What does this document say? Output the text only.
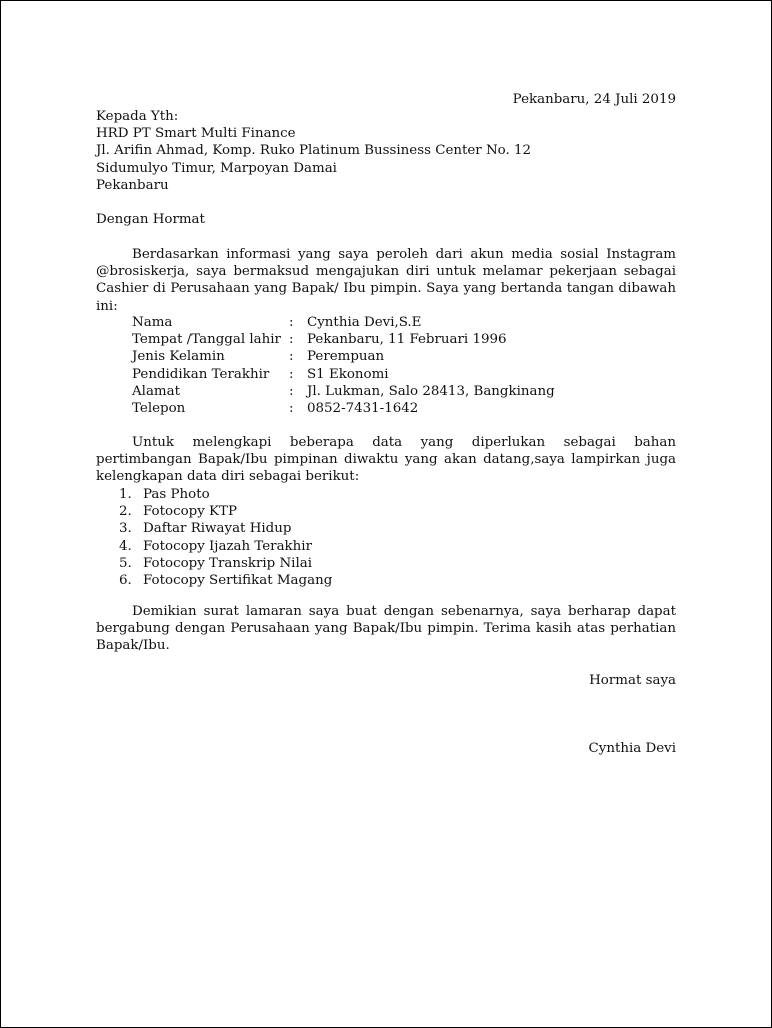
Pekanbaru, 24 Juli 2019
Kepada Yth:
HRD PT Smart Multi Finance
Jl. Arifin Ahmad, Komp. Ruko Platinum Bussiness Center No. 12
Sidumulyo Timur, Marpoyan Damai
Pekanbaru
Dengan Hormat
Berdasarkan informasi yang saya peroleh dari akun media sosial Instagram @brosiskerja, saya bermaksud mengajukan diri untuk melamar pekerjaan sebagai Cashier di Perusahaan yang Bapak/ Ibu pimpin. Saya yang bertanda tangan dibawah ini:
Nama	:	Cynthia Devi,S.E
Tempat /Tanggal lahir :	Pekanbaru, 11 Februari 1996
Jenis Kelamin	:	Perempuan
Pendidikan Terakhir	:	S1 Ekonomi
Alamat	:	Jl. Lukman, Salo 28413, Bangkinang
Telepon	:	0852-7431-1642
Untuk melengkapi beberapa data yang diperlukan sebagai bahan pertimbangan Bapak/Ibu pimpinan diwaktu yang akan datang,saya lampirkan juga kelengkapan data diri sebagai berikut:
1. Pas Photo
2. Fotocopy KTP
3. Daftar Riwayat Hidup
4. Fotocopy Ijazah Terakhir
5. Fotocopy Transkrip Nilai
6. Fotocopy Sertifikat Magang
Demikian surat lamaran saya buat dengan sebenarnya, saya berharap dapat bergabung dengan Perusahaan yang Bapak/Ibu pimpin. Terima kasih atas perhatian Bapak/Ibu.
Hormat saya
Cynthia Devi
